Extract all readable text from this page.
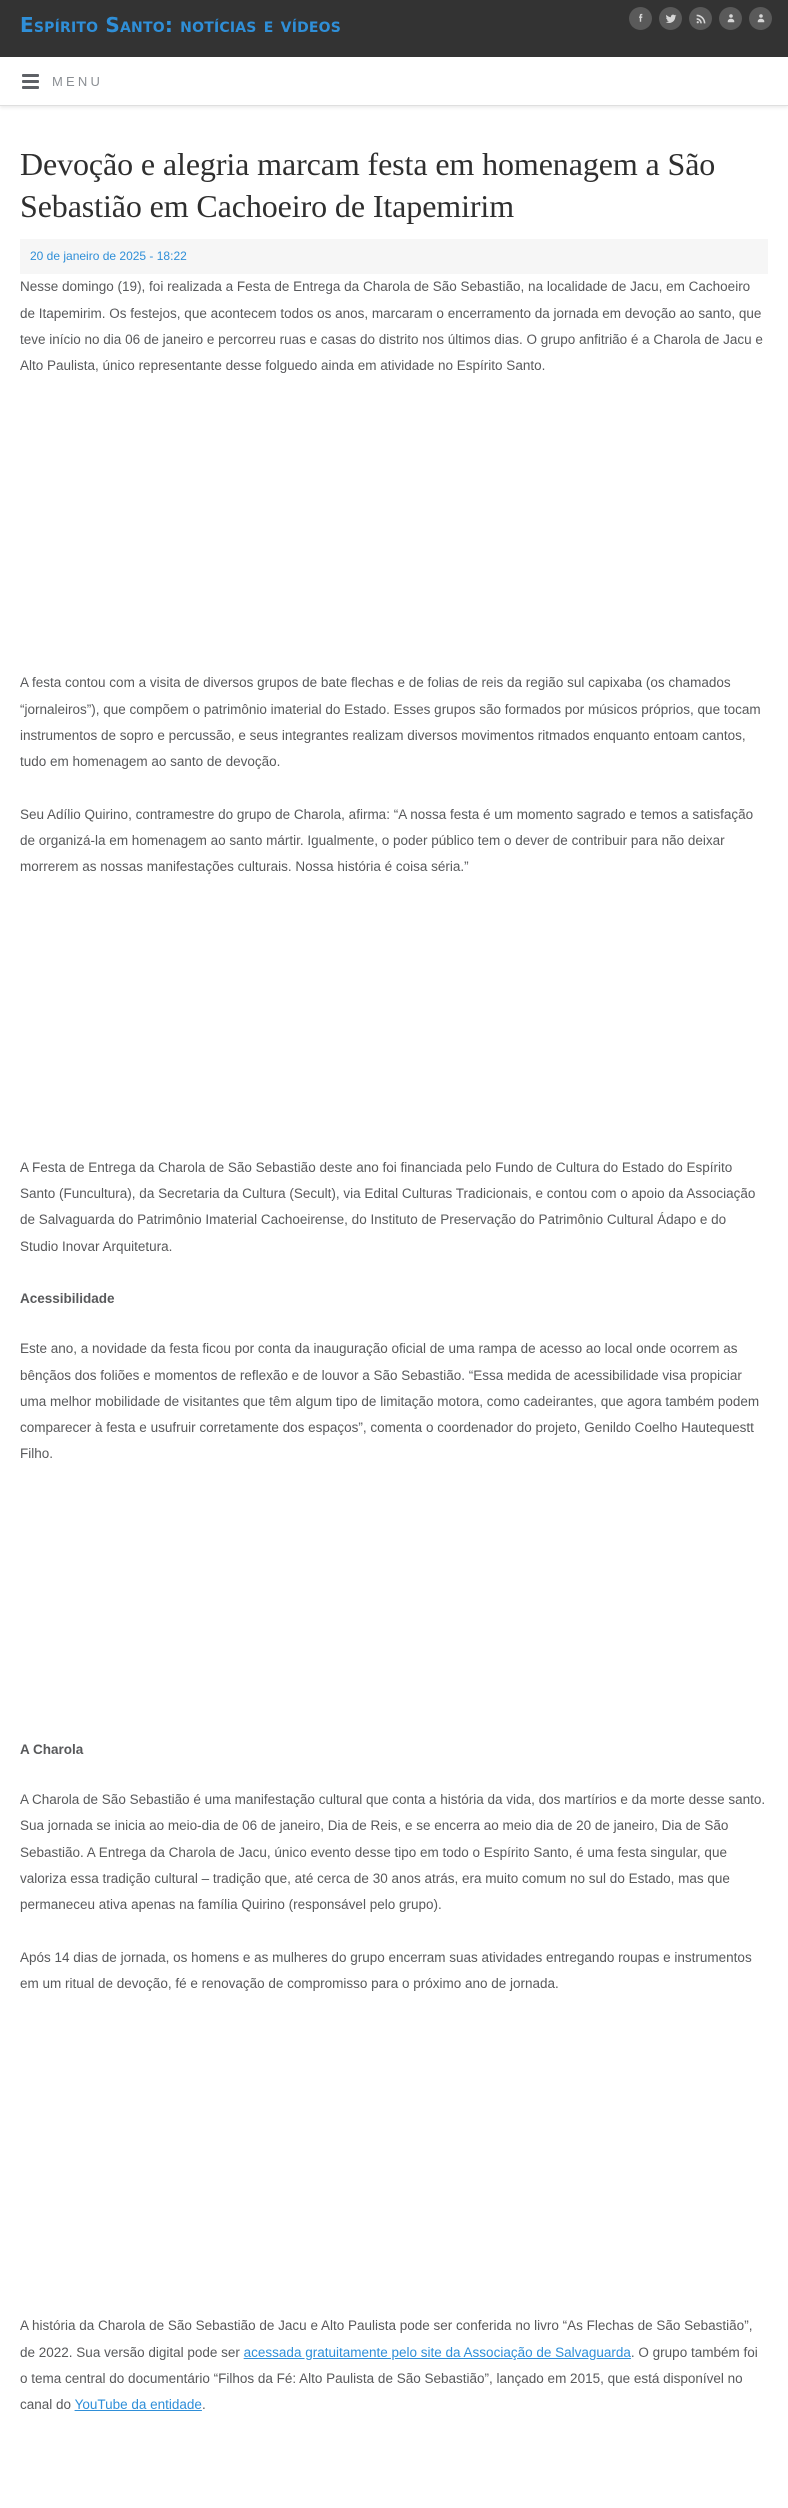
Espírito Santo: notícias e vídeos
MENU
Devoção e alegria marcam festa em homenagem a São Sebastião em Cachoeiro de Itapemirim
20 de janeiro de 2025 - 18:22

Nesse domingo (19), foi realizada a Festa de Entrega da Charola de São Sebastião, na localidade de Jacu, em Cachoeiro de Itapemirim. Os festejos, que acontecem todos os anos, marcaram o encerramento da jornada em devoção ao santo, que teve início no dia 06 de janeiro e percorreu ruas e casas do distrito nos últimos dias. O grupo anfitrião é a Charola de Jacu e Alto Paulista, único representante desse folguedo ainda em atividade no Espírito Santo.

A festa contou com a visita de diversos grupos de bate flechas e de folias de reis da região sul capixaba (os chamados “jornaleiros”), que compõem o patrimônio imaterial do Estado. Esses grupos são formados por músicos próprios, que tocam instrumentos de sopro e percussão, e seus integrantes realizam diversos movimentos ritmados enquanto entoam cantos, tudo em homenagem ao santo de devoção.

Seu Adílio Quirino, contramestre do grupo de Charola, afirma: “A nossa festa é um momento sagrado e temos a satisfação de organizá-la em homenagem ao santo mártir. Igualmente, o poder público tem o dever de contribuir para não deixar morrerem as nossas manifestações culturais. Nossa história é coisa séria.”

A Festa de Entrega da Charola de São Sebastião deste ano foi financiada pelo Fundo de Cultura do Estado do Espírito Santo (Funcultura), da Secretaria da Cultura (Secult), via Edital Culturas Tradicionais, e contou com o apoio da Associação de Salvaguarda do Patrimônio Imaterial Cachoeirense, do Instituto de Preservação do Patrimônio Cultural Ádapo e do Studio Inovar Arquitetura.

Acessibilidade

Este ano, a novidade da festa ficou por conta da inauguração oficial de uma rampa de acesso ao local onde ocorrem as bênçãos dos foliões e momentos de reflexão e de louvor a São Sebastião. “Essa medida de acessibilidade visa propiciar uma melhor mobilidade de visitantes que têm algum tipo de limitação motora, como cadeirantes, que agora também podem comparecer à festa e usufruir corretamente dos espaços”, comenta o coordenador do projeto, Genildo Coelho Hautequestt Filho.

A Charola

A Charola de São Sebastião é uma manifestação cultural que conta a história da vida, dos martírios e da morte desse santo. Sua jornada se inicia ao meio-dia de 06 de janeiro, Dia de Reis, e se encerra ao meio dia de 20 de janeiro, Dia de São Sebastião. A Entrega da Charola de Jacu, único evento desse tipo em todo o Espírito Santo, é uma festa singular, que valoriza essa tradição cultural – tradição que, até cerca de 30 anos atrás, era muito comum no sul do Estado, mas que permaneceu ativa apenas na família Quirino (responsável pelo grupo).

Após 14 dias de jornada, os homens e as mulheres do grupo encerram suas atividades entregando roupas e instrumentos em um ritual de devoção, fé e renovação de compromisso para o próximo ano de jornada.

A história da Charola de São Sebastião de Jacu e Alto Paulista pode ser conferida no livro “As Flechas de São Sebastião”, de 2022. Sua versão digital pode ser acessada gratuitamente pelo site da Associação de Salvaguarda. O grupo também foi o tema central do documentário “Filhos da Fé: Alto Paulista de São Sebastião”, lançado em 2015, que está disponível no canal do YouTube da entidade.
